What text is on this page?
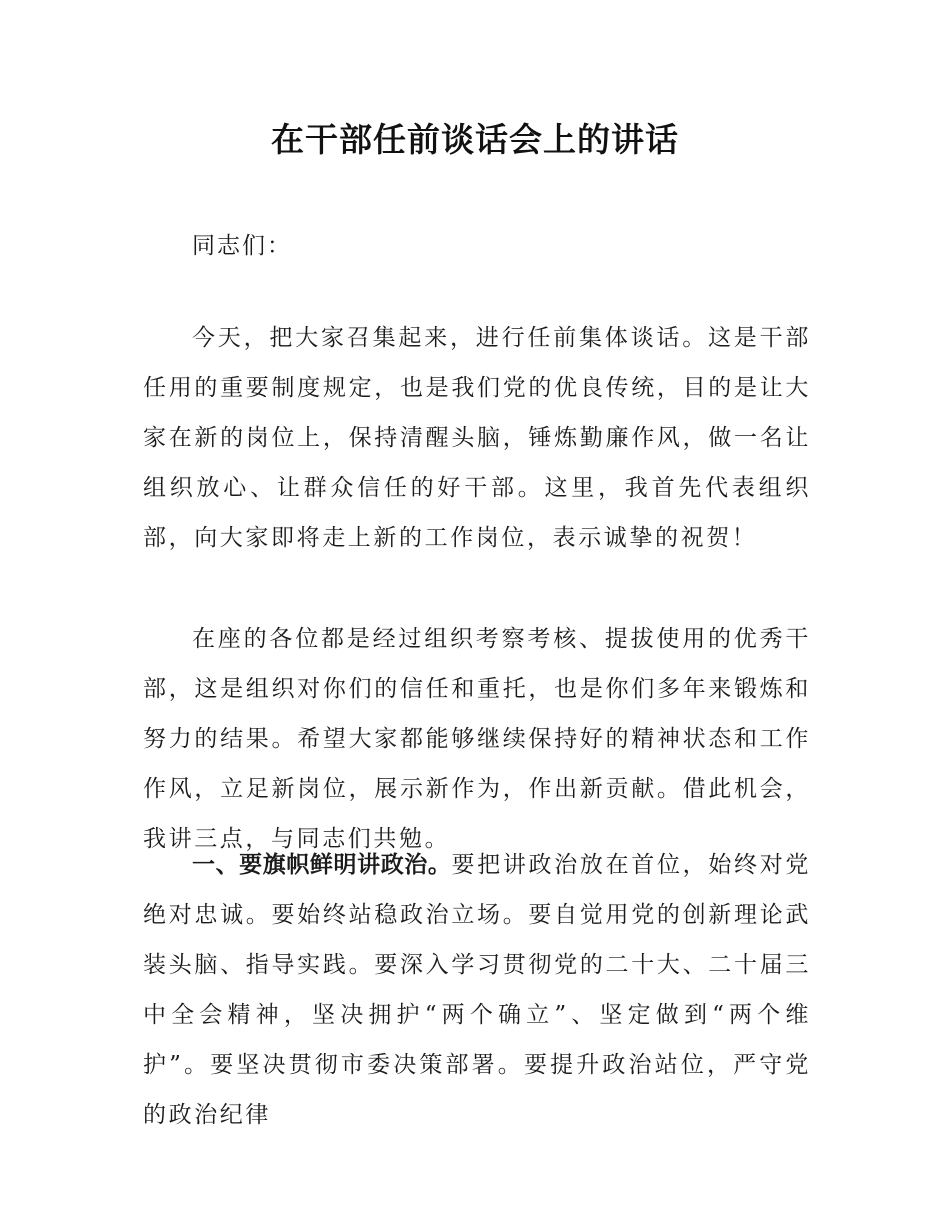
在干部任前谈话会上的讲话
同志们：

今天，把大家召集起来，进行任前集体谈话。这是干部任用的重要制度规定，也是我们党的优良传统，目的是让大家在新的岗位上，保持清醒头脑，锤炼勤廉作风，做一名让组织放心、让群众信任的好干部。这里，我首先代表组织部，向大家即将走上新的工作岗位，表示诚挚的祝贺！

在座的各位都是经过组织考察考核、提拔使用的优秀干部，这是组织对你们的信任和重托，也是你们多年来锻炼和努力的结果。希望大家都能够继续保持好的精神状态和工作作风，立足新岗位，展示新作为，作出新贡献。借此机会，我讲三点，与同志们共勉。

一、要旗帜鲜明讲政治。要把讲政治放在首位，始终对党绝对忠诚。要始终站稳政治立场。要自觉用党的创新理论武装头脑、指导实践。要深入学习贯彻党的二十大、二十届三中全会精神，坚决拥护“两个确立”、坚定做到“两个维护”。要坚决贯彻市委决策部署。要提升政治站位，严守党的政治纪律
